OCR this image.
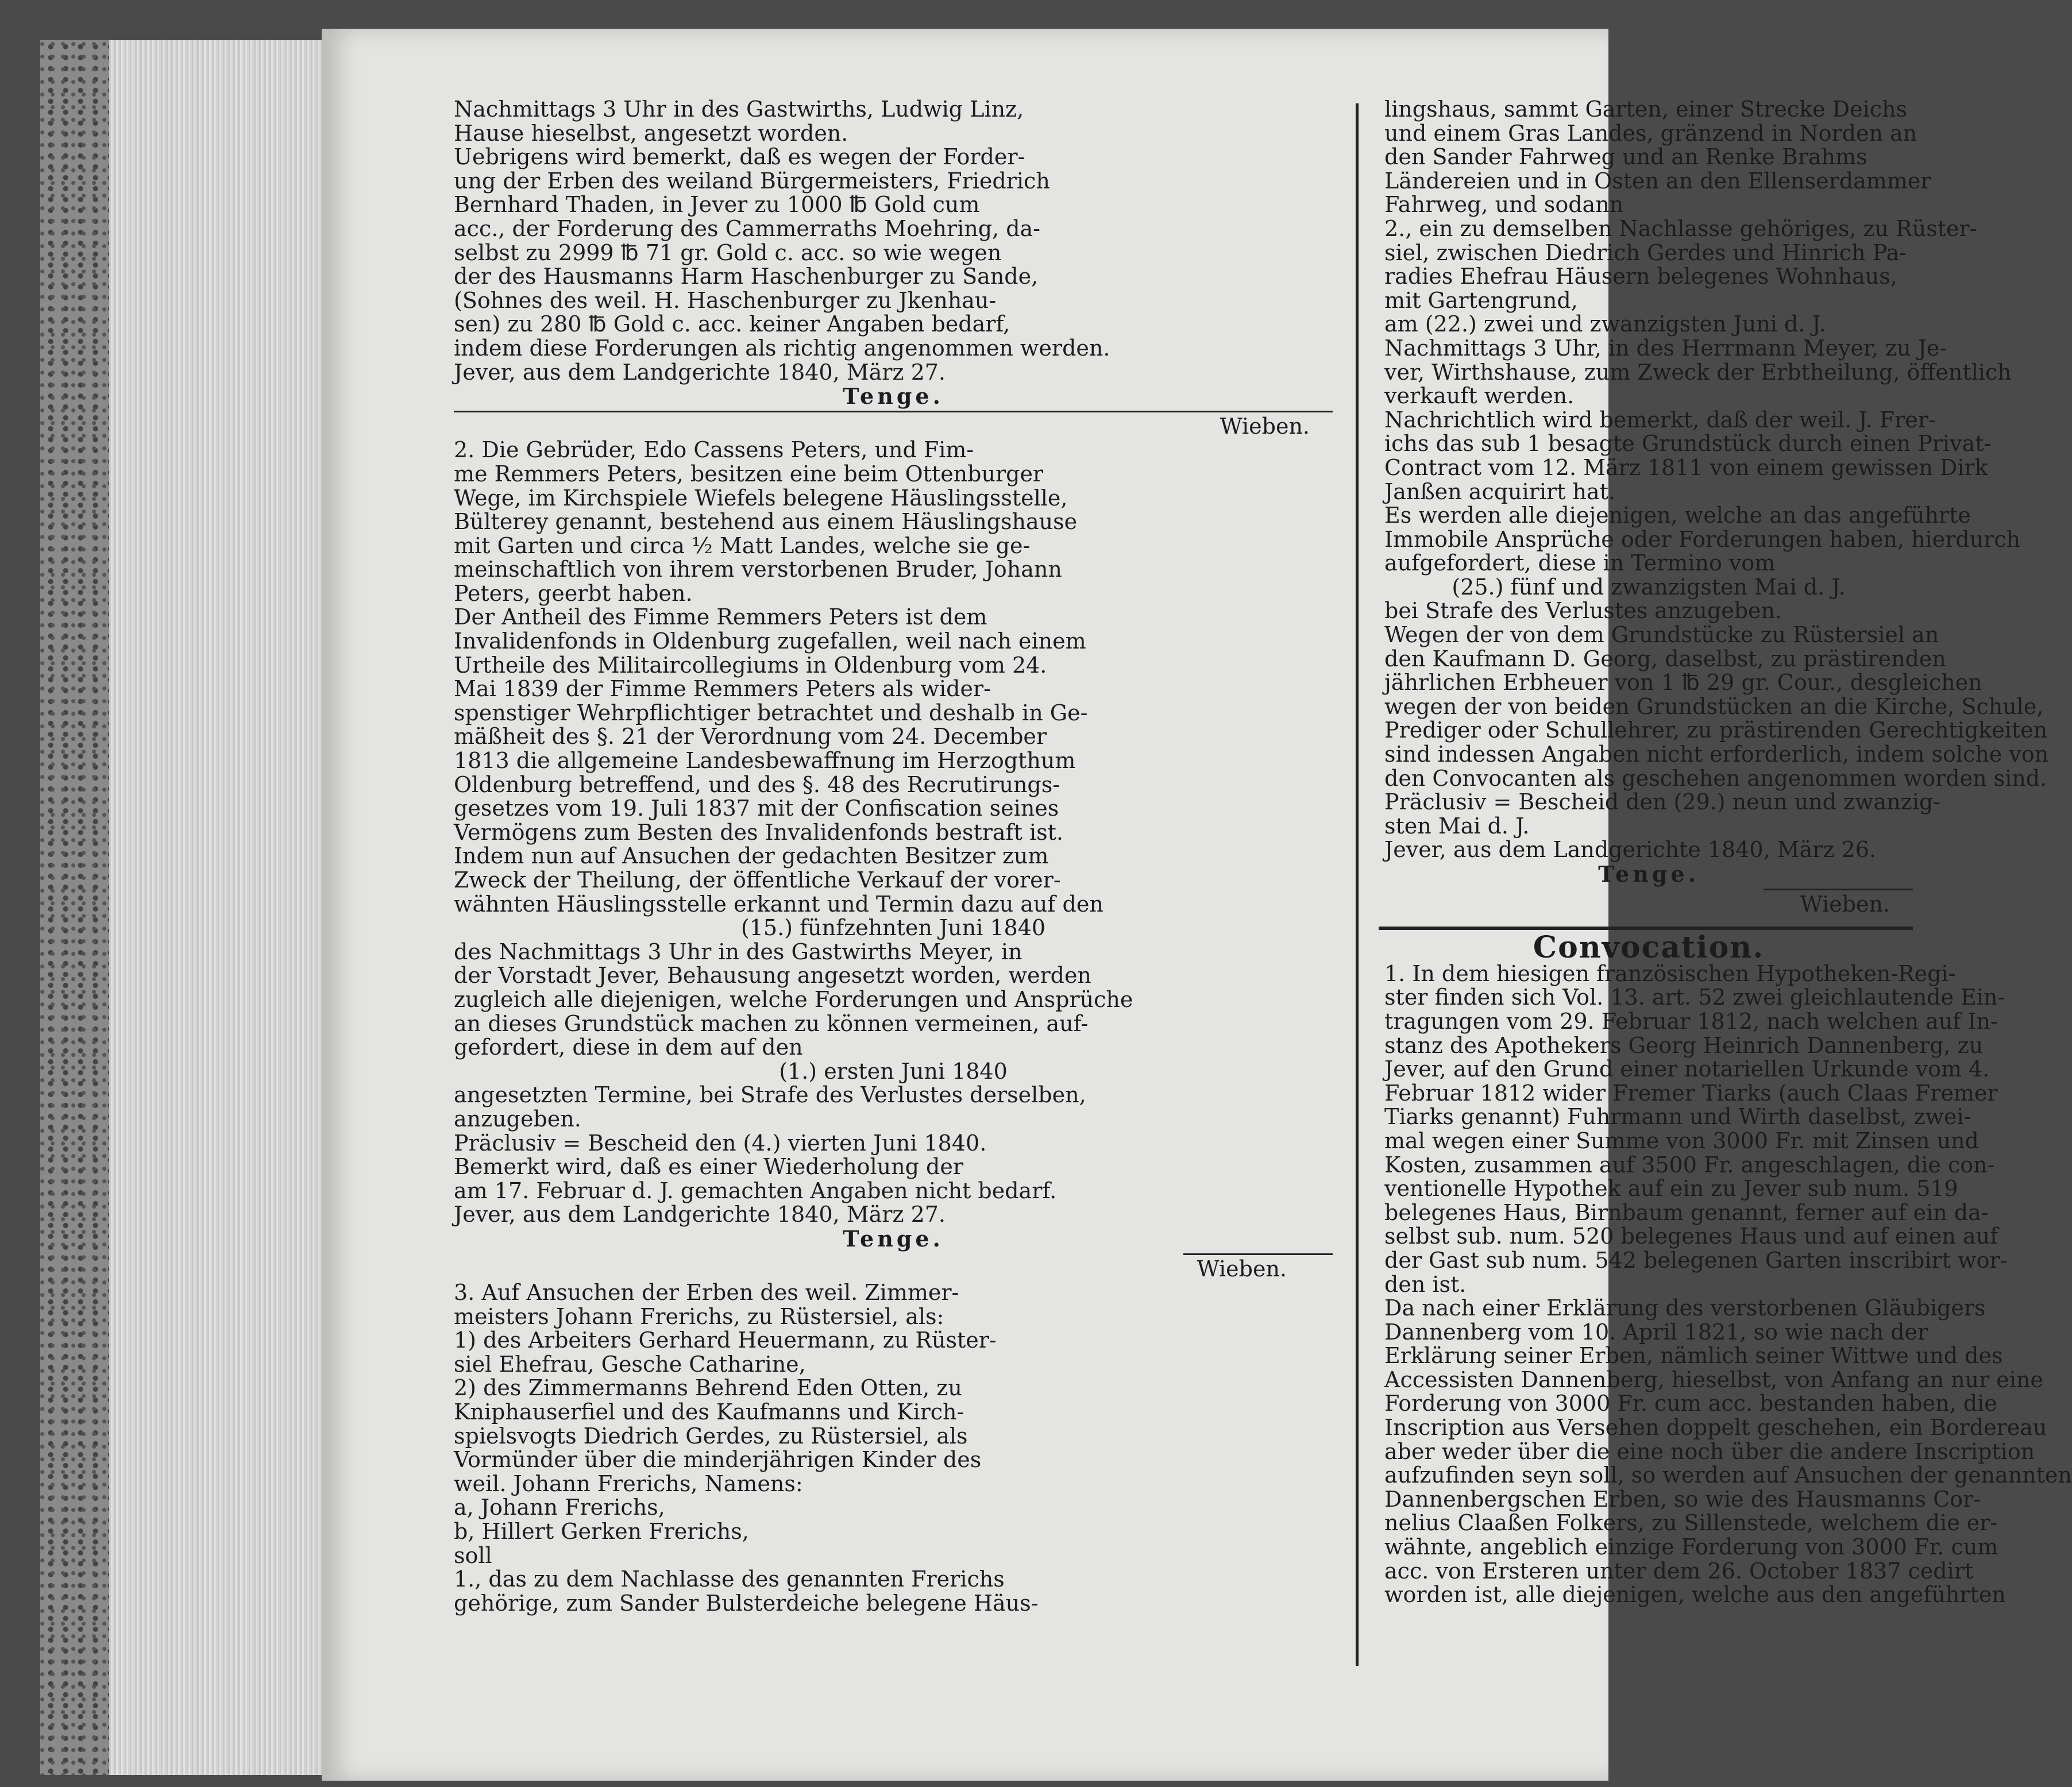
Nachmittags 3 Uhr in des Gastwirths, Ludwig Linz,
Hause hieselbst, angesetzt worden.
Uebrigens wird bemerkt, daß es wegen der Forder-
ung der Erben des weiland Bürgermeisters, Friedrich
Bernhard Thaden, in Jever zu 1000 ℔ Gold cum
acc., der Forderung des Cammerraths Moehring, da-
selbst zu 2999 ℔ 71 gr. Gold c. acc. so wie wegen
der des Hausmanns Harm Haschenburger zu Sande,
(Sohnes des weil. H. Haschenburger zu Jkenhau-
sen) zu 280 ℔ Gold c. acc. keiner Angaben bedarf,
indem diese Forderungen als richtig angenommen werden.
Jever, aus dem Landgerichte 1840, März 27.
Tenge.
Wieben.
2. Die Gebrüder, Edo Cassens Peters, und Fim-
me Remmers Peters, besitzen eine beim Ottenburger
Wege, im Kirchspiele Wiefels belegene Häuslingsstelle,
Bülterey genannt, bestehend aus einem Häuslingshause
mit Garten und circa ½ Matt Landes, welche sie ge-
meinschaftlich von ihrem verstorbenen Bruder, Johann
Peters, geerbt haben.
Der Antheil des Fimme Remmers Peters ist dem
Invalidenfonds in Oldenburg zugefallen, weil nach einem
Urtheile des Militaircollegiums in Oldenburg vom 24.
Mai 1839 der Fimme Remmers Peters als wider-
spenstiger Wehrpflichtiger betrachtet und deshalb in Ge-
mäßheit des §. 21 der Verordnung vom 24. December
1813 die allgemeine Landesbewaffnung im Herzogthum
Oldenburg betreffend, und des §. 48 des Recrutirungs-
gesetzes vom 19. Juli 1837 mit der Confiscation seines
Vermögens zum Besten des Invalidenfonds bestraft ist.
Indem nun auf Ansuchen der gedachten Besitzer zum
Zweck der Theilung, der öffentliche Verkauf der vorer-
wähnten Häuslingsstelle erkannt und Termin dazu auf den
(15.) fünfzehnten Juni 1840
des Nachmittags 3 Uhr in des Gastwirths Meyer, in
der Vorstadt Jever, Behausung angesetzt worden, werden
zugleich alle diejenigen, welche Forderungen und Ansprüche
an dieses Grundstück machen zu können vermeinen, auf-
gefordert, diese in dem auf den
(1.) ersten Juni 1840
angesetzten Termine, bei Strafe des Verlustes derselben,
anzugeben.
Präclusiv = Bescheid den (4.) vierten Juni 1840.
Bemerkt wird, daß es einer Wiederholung der
am 17. Februar d. J. gemachten Angaben nicht bedarf.
Jever, aus dem Landgerichte 1840, März 27.
Tenge.
Wieben.
3. Auf Ansuchen der Erben des weil. Zimmer-
meisters Johann Frerichs, zu Rüstersiel, als:
1) des Arbeiters Gerhard Heuermann, zu Rüster-
siel Ehefrau, Gesche Catharine,
2) des Zimmermanns Behrend Eden Otten, zu
Kniphauserfiel und des Kaufmanns und Kirch-
spielsvogts Diedrich Gerdes, zu Rüstersiel, als
Vormünder über die minderjährigen Kinder des
weil. Johann Frerichs, Namens:
a, Johann Frerichs,
b, Hillert Gerken Frerichs,
soll
1., das zu dem Nachlasse des genannten Frerichs
gehörige, zum Sander Bulsterdeiche belegene Häus-
lingshaus, sammt Garten, einer Strecke Deichs
und einem Gras Landes, gränzend in Norden an
den Sander Fahrweg und an Renke Brahms
Ländereien und in Osten an den Ellenserdammer
Fahrweg, und sodann
2., ein zu demselben Nachlasse gehöriges, zu Rüster-
siel, zwischen Diedrich Gerdes und Hinrich Pa-
radies Ehefrau Häusern belegenes Wohnhaus,
mit Gartengrund,
am (22.) zwei und zwanzigsten Juni d. J.
Nachmittags 3 Uhr, in des Herrmann Meyer, zu Je-
ver, Wirthshause, zum Zweck der Erbtheilung, öffentlich
verkauft werden.
Nachrichtlich wird bemerkt, daß der weil. J. Frer-
ichs das sub 1 besagte Grundstück durch einen Privat-
Contract vom 12. März 1811 von einem gewissen Dirk
Janßen acquirirt hat.
Es werden alle diejenigen, welche an das angeführte
Immobile Ansprüche oder Forderungen haben, hierdurch
aufgefordert, diese in Termino vom
(25.) fünf und zwanzigsten Mai d. J.
bei Strafe des Verlustes anzugeben.
Wegen der von dem Grundstücke zu Rüstersiel an
den Kaufmann D. Georg, daselbst, zu prästirenden
jährlichen Erbheuer von 1 ℔ 29 gr. Cour., desgleichen
wegen der von beiden Grundstücken an die Kirche, Schule,
Prediger oder Schullehrer, zu prästirenden Gerechtigkeiten
sind indessen Angaben nicht erforderlich, indem solche von
den Convocanten als geschehen angenommen worden sind.
Präclusiv = Bescheid den (29.) neun und zwanzig-
sten Mai d. J.
Jever, aus dem Landgerichte 1840, März 26.
Tenge.
Wieben.
Convocation.
1. In dem hiesigen französischen Hypotheken-Regi-
ster finden sich Vol. 13. art. 52 zwei gleichlautende Ein-
tragungen vom 29. Februar 1812, nach welchen auf In-
stanz des Apothekers Georg Heinrich Dannenberg, zu
Jever, auf den Grund einer notariellen Urkunde vom 4.
Februar 1812 wider Fremer Tiarks (auch Claas Fremer
Tiarks genannt) Fuhrmann und Wirth daselbst, zwei-
mal wegen einer Summe von 3000 Fr. mit Zinsen und
Kosten, zusammen auf 3500 Fr. angeschlagen, die con-
ventionelle Hypothek auf ein zu Jever sub num. 519
belegenes Haus, Birnbaum genannt, ferner auf ein da-
selbst sub. num. 520 belegenes Haus und auf einen auf
der Gast sub num. 542 belegenen Garten inscribirt wor-
den ist.
Da nach einer Erklärung des verstorbenen Gläubigers
Dannenberg vom 10. April 1821, so wie nach der
Erklärung seiner Erben, nämlich seiner Wittwe und des
Accessisten Dannenberg, hieselbst, von Anfang an nur eine
Forderung von 3000 Fr. cum acc. bestanden haben, die
Inscription aus Versehen doppelt geschehen, ein Bordereau
aber weder über die eine noch über die andere Inscription
aufzufinden seyn soll, so werden auf Ansuchen der genannten
Dannenbergschen Erben, so wie des Hausmanns Cor-
nelius Claaßen Folkers, zu Sillenstede, welchem die er-
wähnte, angeblich einzige Forderung von 3000 Fr. cum
acc. von Ersteren unter dem 26. October 1837 cedirt
worden ist, alle diejenigen, welche aus den angeführten
